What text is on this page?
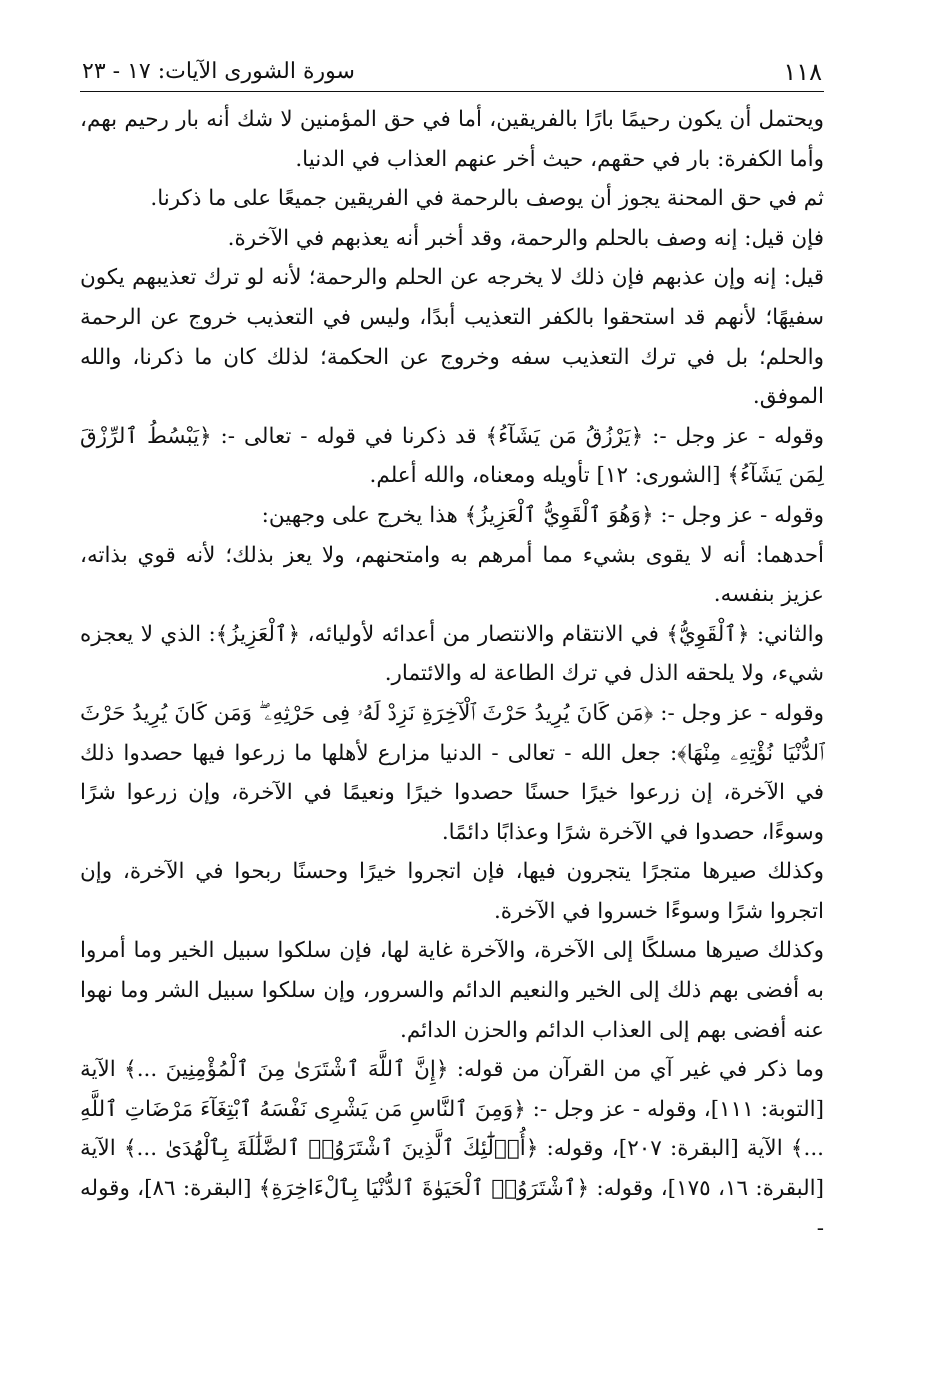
١١٨
سورة الشورى الآيات: ١٧ - ٢٣

ويحتمل أن يكون رحيمًا بارًا بالفريقين، أما في حق المؤمنين لا شك أنه بار رحيم بهم، وأما الكفرة: بار في حقهم، حيث أخر عنهم العذاب في الدنيا.

ثم في حق المحنة يجوز أن يوصف بالرحمة في الفريقين جميعًا على ما ذكرنا.

فإن قيل: إنه وصف بالحلم والرحمة، وقد أخبر أنه يعذبهم في الآخرة.

قيل: إنه وإن عذبهم فإن ذلك لا يخرجه عن الحلم والرحمة؛ لأنه لو ترك تعذيبهم يكون سفيهًا؛ لأنهم قد استحقوا بالكفر التعذيب أبدًا، وليس في التعذيب خروج عن الرحمة والحلم؛ بل في ترك التعذيب سفه وخروج عن الحكمة؛ لذلك كان ما ذكرنا، والله الموفق.

وقوله - عز وجل -: ﴿يَرْزُقُ مَن يَشَآءُ﴾ قد ذكرنا في قوله - تعالى -: ﴿يَبْسُطُ ٱلرِّزْقَ لِمَن يَشَآءُ﴾ [الشورى: ١٢] تأويله ومعناه، والله أعلم.

وقوله - عز وجل -: ﴿وَهُوَ ٱلْقَوِيُّ ٱلْعَزِيزُ﴾ هذا يخرج على وجهين:

أحدهما: أنه لا يقوى بشيء مما أمرهم به وامتحنهم، ولا يعز بذلك؛ لأنه قوي بذاته، عزيز بنفسه.

والثاني: ﴿ٱلْقَوِيُّ﴾ في الانتقام والانتصار من أعدائه لأوليائه، ﴿ٱلْعَزِيزُ﴾: الذي لا يعجزه شيء، ولا يلحقه الذل في ترك الطاعة له والائتمار.

وقوله - عز وجل -: ﴿مَن كَانَ يُرِيدُ حَرْثَ ٱلْآخِرَةِ نَزِدْ لَهُۥ فِى حَرْثِهِۦ ۖ وَمَن كَانَ يُرِيدُ حَرْثَ ٱلدُّنْيَا نُؤْتِهِۦ مِنْهَا﴾: جعل الله - تعالى - الدنيا مزارع لأهلها ما زرعوا فيها حصدوا ذلك في الآخرة، إن زرعوا خيرًا حسنًا حصدوا خيرًا ونعيمًا في الآخرة، وإن زرعوا شرًا وسوءًا، حصدوا في الآخرة شرًا وعذابًا دائمًا.

وكذلك صيرها متجرًا يتجرون فيها، فإن اتجروا خيرًا وحسنًا ربحوا في الآخرة، وإن اتجروا شرًا وسوءًا خسروا في الآخرة.

وكذلك صيرها مسلكًا إلى الآخرة، والآخرة غاية لها، فإن سلكوا سبيل الخير وما أمروا به أفضى بهم ذلك إلى الخير والنعيم الدائم والسرور، وإن سلكوا سبيل الشر وما نهوا عنه أفضى بهم إلى العذاب الدائم والحزن الدائم.

وما ذكر في غير آي من القرآن من قوله: ﴿إِنَّ ٱللَّهَ ٱشْتَرَىٰ مِنَ ٱلْمُؤْمِنِينَ ...﴾ الآية [التوبة: ١١١]، وقوله - عز وجل -: ﴿وَمِنَ ٱلنَّاسِ مَن يَشْرِى نَفْسَهُ ٱبْتِغَآءَ مَرْضَاتِ ٱللَّهِ ...﴾ الآية [البقرة: ٢٠٧]، وقوله: ﴿أُو۟لَٰٓئِكَ ٱلَّذِينَ ٱشْتَرَوُا۟ ٱلضَّلَٰلَةَ بِٱلْهُدَىٰ ...﴾ الآية [البقرة: ١٦، ١٧٥]، وقوله: ﴿ٱشْتَرَوُا۟ ٱلْحَيَوٰةَ ٱلدُّنْيَا بِٱلْءَاخِرَةِ﴾ [البقرة: ٨٦]، وقوله -
